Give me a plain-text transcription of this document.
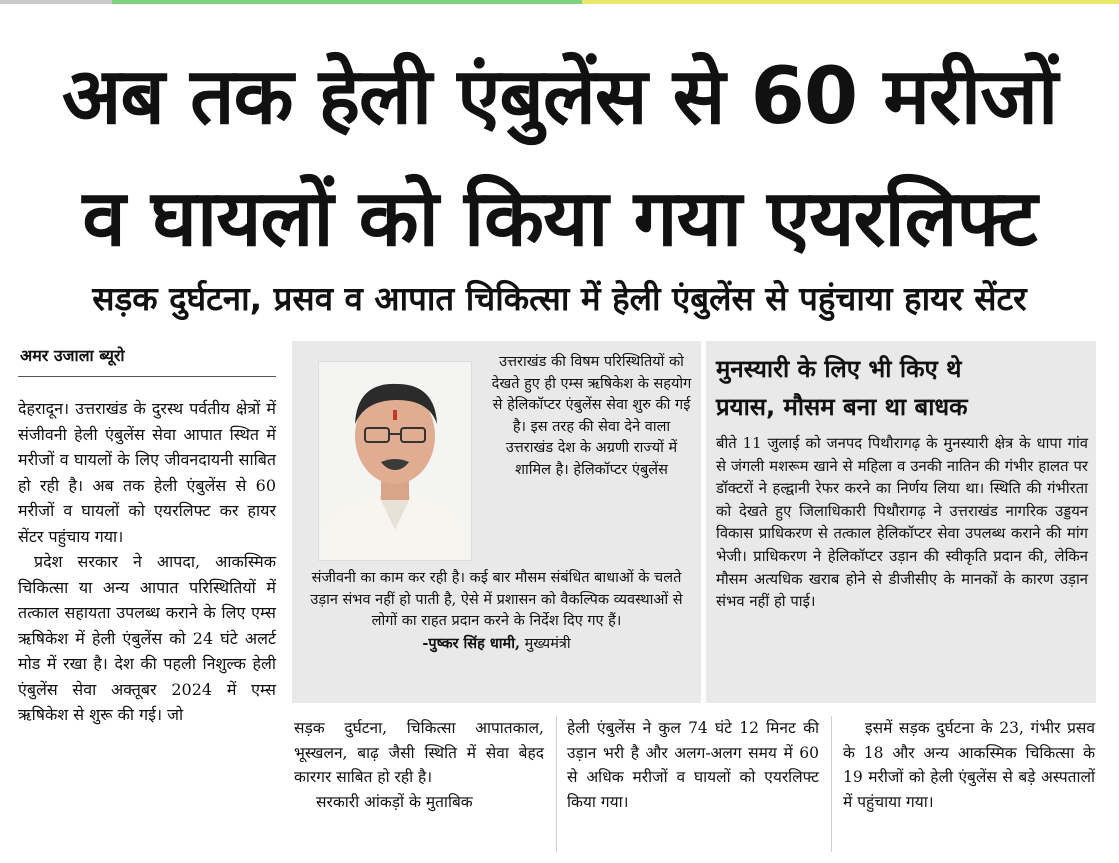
अब तक हेली एंबुलेंस से 60 मरीजों
व घायलों को किया गया एयरलिफ्ट
सड़क दुर्घटना, प्रसव व आपात चिकित्सा में हेली एंबुलेंस से पहुंचाया हायर सेंटर
अमर उजाला ब्यूरो

देहरादून। उत्तराखंड के दुरस्थ पर्वतीय क्षेत्रों में संजीवनी हेली एंबुलेंस सेवा आपात स्थित में मरीजों व घायलों के लिए जीवनदायनी साबित हो रही है। अब तक हेली एंबुलेंस से 60 मरीजों व घायलों को एयरलिफ्ट कर हायर सेंटर पहुंचाय गया।

प्रदेश सरकार ने आपदा, आकस्मिक चिकित्सा या अन्य आपात परिस्थितियों में तत्काल सहायता उपलब्ध कराने के लिए एम्स ऋषिकेश में हेली एंबुलेंस को 24 घंटे अलर्ट मोड में रखा है। देश की पहली निशुल्क हेली एंबुलेंस सेवा अक्तूबर 2024 में एम्स ऋषिकेश से शुरू की गई। जो

उत्तराखंड की विषम परिस्थितियों को देखते हुए ही एम्स ऋषिकेश के सहयोग से हेलिकॉप्टर एंबुलेंस सेवा शुरु की गई है। इस तरह की सेवा देने वाला उत्तराखंड देश के अग्रणी राज्यों में शामिल है। हेलिकॉप्टर एंबुलेंस
संजीवनी का काम कर रही है। कई बार मौसम संबंधित बाधाओं के चलते उड़ान संभव नहीं हो पाती है, ऐसे में प्रशासन को वैकल्पिक व्यवस्थाओं से लोगों का राहत प्रदान करने के निर्देश दिए गए हैं।
-पुष्कर सिंह धामी, मुख्यमंत्री
मुनस्यारी के लिए भी किए थे
प्रयास, मौसम बना था बाधक
बीते 11 जुलाई को जनपद पिथौरागढ़ के मुनस्यारी क्षेत्र के धापा गांव से जंगली मशरूम खाने से महिला व उनकी नातिन की गंभीर हालत पर डॉक्टरों ने हल्द्वानी रेफर करने का निर्णय लिया था। स्थिति की गंभीरता को देखते हुए जिलाधिकारी पिथौरागढ़ ने उत्तराखंड नागरिक उड्डयन विकास प्राधिकरण से तत्काल हेलिकॉप्टर सेवा उपलब्ध कराने की मांग भेजी। प्राधिकरण ने हेलिकॉप्टर उड़ान की स्वीकृति प्रदान की, लेकिन मौसम अत्यधिक खराब होने से डीजीसीए के मानकों के कारण उड़ान संभव नहीं हो पाई।

सड़क दुर्घटना, चिकित्सा आपातकाल, भूस्खलन, बाढ़ जैसी स्थिति में सेवा बेहद कारगर साबित हो रही है।

सरकारी आंकड़ों के मुताबिक

हेली एंबुलेंस ने कुल 74 घंटे 12 मिनट की उड़ान भरी है और अलग-अलग समय में 60 से अधिक मरीजों व घायलों को एयरलिफ्ट किया गया।

इसमें सड़क दुर्घटना के 23, गंभीर प्रसव के 18 और अन्य आकस्मिक चिकित्सा के 19 मरीजों को हेली एंबुलेंस से बड़े अस्पतालों में पहुंचाया गया।
